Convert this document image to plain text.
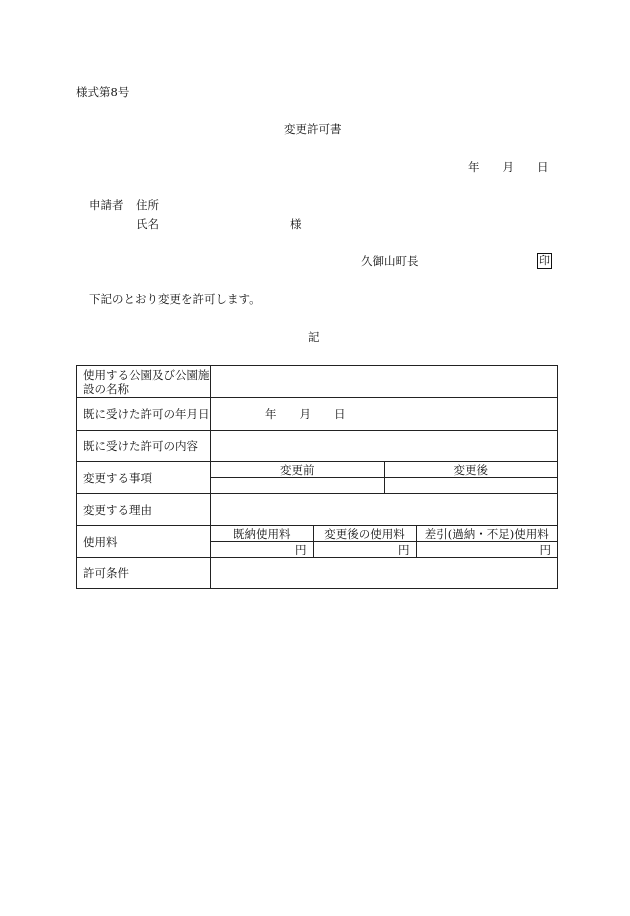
様式第8号
変更許可書
年　　月　　日
申請者 住所
氏名	様
久御山町長	印
下記のとおり変更を許可します。
記
使用する公園及び公園施設の名称	
既に受けた許可の年月日	年　　月　　日
既に受けた許可の内容	
変更する事項	
変更前	変更後

変更する理由	
使用料	
既納使用料	変更後の使用料	差引(過納・不足)使用料
円	円	円

許可条件	
